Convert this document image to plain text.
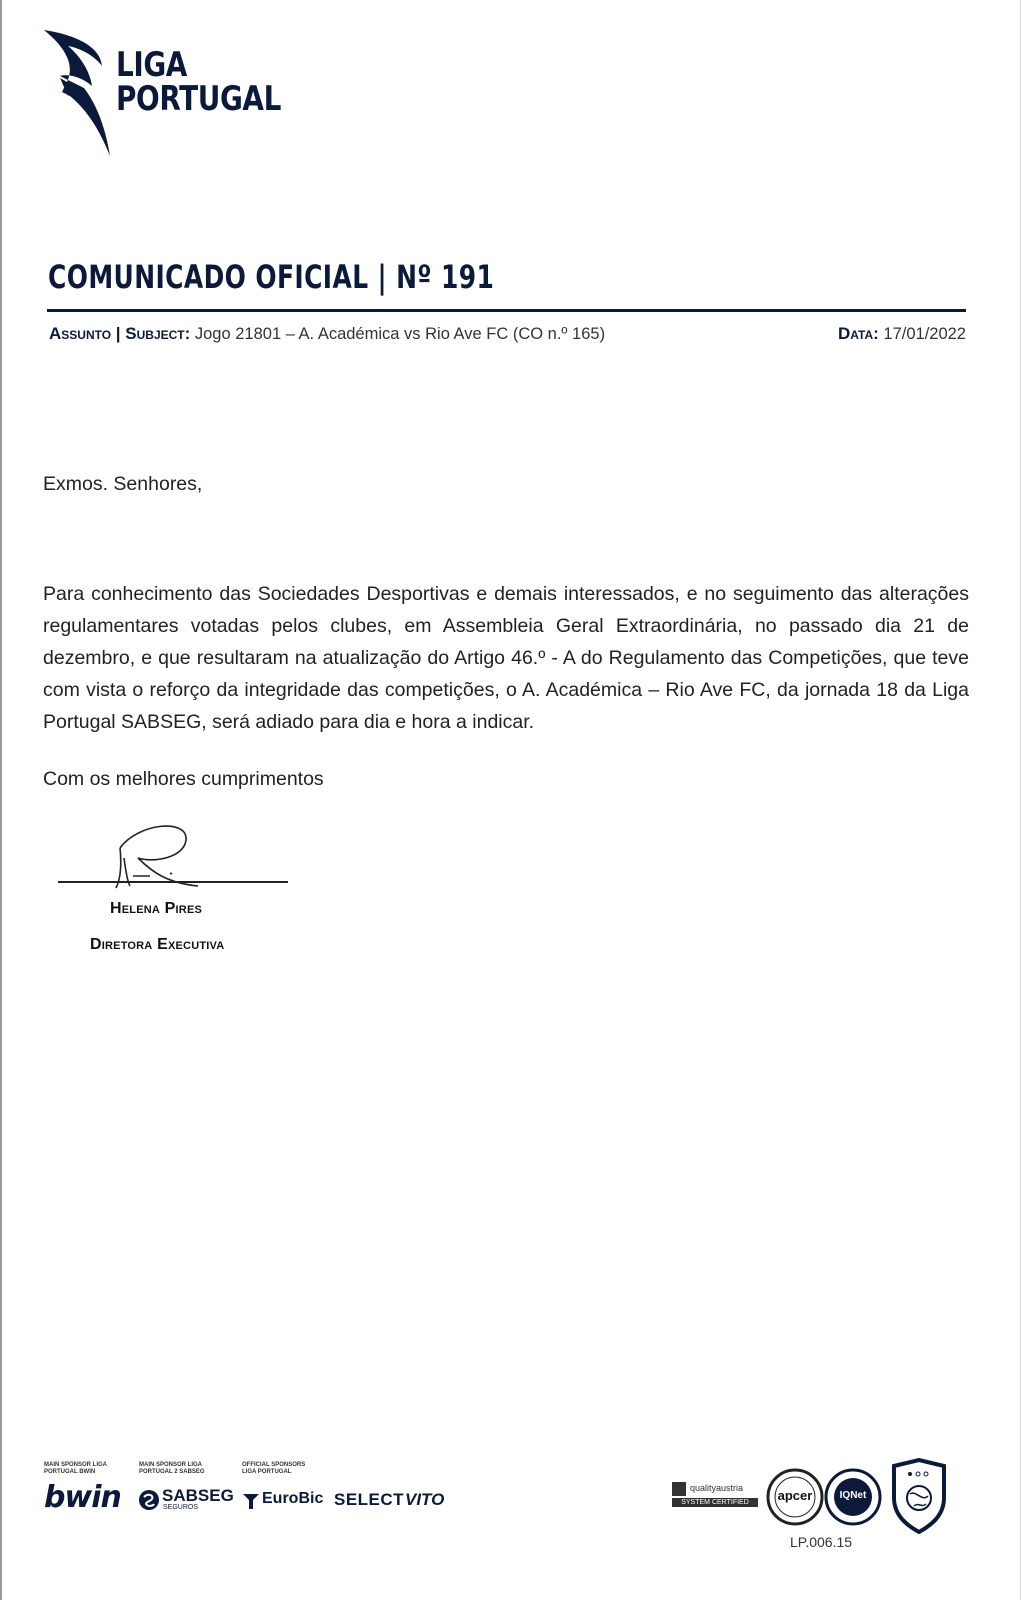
LIGA
PORTUGAL
COMUNICADO OFICIAL | Nº 191
Assunto | Subject: Jogo 21801 – A. Académica vs Rio Ave FC (CO n.º 165)	Data: 17/01/2022
Exmos. Senhores,
Para conhecimento das Sociedades Desportivas e demais interessados, e no seguimento das alterações regulamentares votadas pelos clubes, em Assembleia Geral Extraordinária, no passado dia 21 de dezembro, e que resultaram na atualização do Artigo 46.º - A do Regulamento das Competições, que teve com vista o reforço da integridade das competições, o A. Académica – Rio Ave FC, da jornada 18 da Liga Portugal SABSEG, será adiado para dia e hora a indicar.
Com os melhores cumprimentos
Helena Pires
Diretora Executiva
MAIN SPONSOR LIGA PORTUGAL BWIN
MAIN SPONSOR LIGA PORTUGAL 2 SABSEG
OFFICIAL SPONSORS LIGA PORTUGAL
bwin SABSEG
SEGUROS
EuroBic SELECT VITO
qualityaustria
SYSTEM CERTIFIED	apcer	IQNet
LP.006.15
